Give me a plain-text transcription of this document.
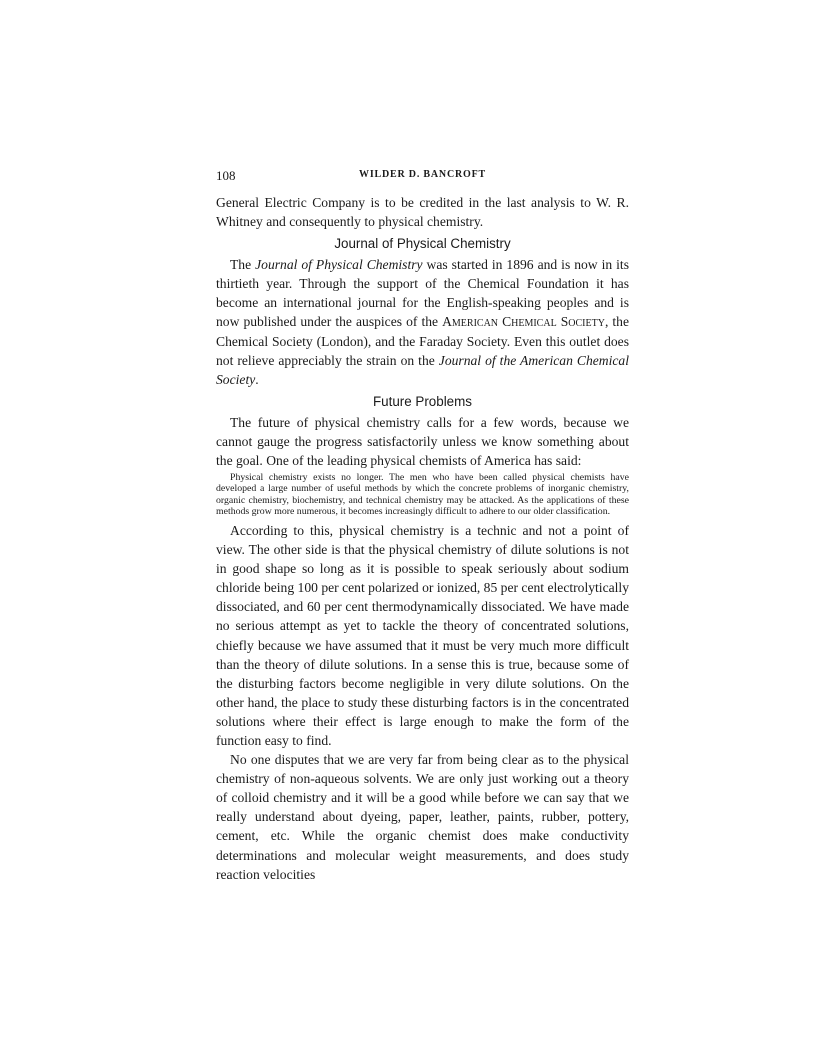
108	WILDER D. BANCROFT

General Electric Company is to be credited in the last analysis to W. R. Whitney and consequently to physical chemistry.

Journal of Physical Chemistry

The Journal of Physical Chemistry was started in 1896 and is now in its thirtieth year. Through the support of the Chemical Foundation it has become an international journal for the English-speaking peoples and is now published under the auspices of the American Chemical Society, the Chemical Society (London), and the Faraday Society. Even this outlet does not relieve appreciably the strain on the Journal of the American Chemical Society.

Future Problems

The future of physical chemistry calls for a few words, because we cannot gauge the progress satisfactorily unless we know something about the goal. One of the leading physical chemists of America has said:

Physical chemistry exists no longer. The men who have been called physical chemists have developed a large number of useful methods by which the concrete problems of inorganic chemistry, organic chemistry, biochemistry, and technical chemistry may be attacked. As the applications of these methods grow more numerous, it becomes increasingly difficult to adhere to our older classification.

According to this, physical chemistry is a technic and not a point of view. The other side is that the physical chemistry of dilute solutions is not in good shape so long as it is possible to speak seriously about sodium chloride being 100 per cent polarized or ionized, 85 per cent electrolytically dissociated, and 60 per cent thermodynamically dissociated. We have made no serious attempt as yet to tackle the theory of concentrated solutions, chiefly because we have assumed that it must be very much more difficult than the theory of dilute solutions. In a sense this is true, because some of the disturbing factors become negligible in very dilute solutions. On the other hand, the place to study these disturbing factors is in the concentrated solutions where their effect is large enough to make the form of the function easy to find.

No one disputes that we are very far from being clear as to the physical chemistry of non-aqueous solvents. We are only just working out a theory of colloid chemistry and it will be a good while before we can say that we really understand about dyeing, paper, leather, paints, rubber, pottery, cement, etc. While the organic chemist does make conductivity determinations and molecular weight measurements, and does study reaction velocities
